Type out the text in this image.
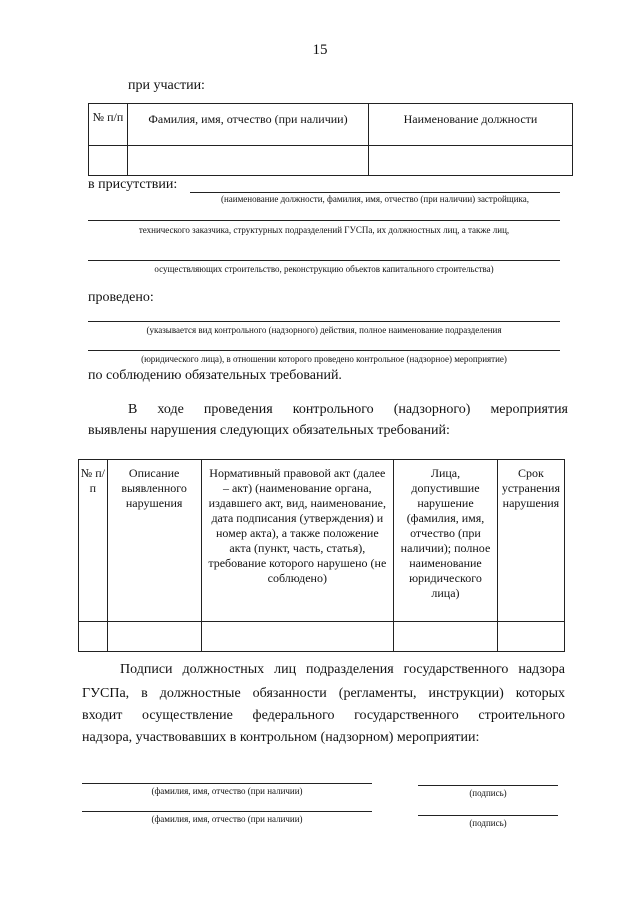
15
при участии:
№ п/п	Фамилия, имя, отчество (при наличии)	Наименование должности

в присутствии:
(наименование должности, фамилия, имя, отчество (при наличии) застройщика,
технического заказчика, структурных подразделений ГУСПа, их должностных лиц, а также лиц,
осуществляющих строительство, реконструкцию объектов капитального строительства)
проведено:
(указывается вид контрольного (надзорного) действия, полное наименование подразделения
(юридического лица), в отношении которого проведено контрольное (надзорное) мероприятие)
по соблюдению обязательных требований.
В ходе проведения контрольного (надзорного) мероприятия
выявлены нарушения следующих обязательных требований:
№ п/п	Описание выявленного нарушения	Нормативный правовой акт (далее – акт) (наименование органа, издавшего акт, вид, наименование, дата подписания (утверждения) и номер акта), а также положение акта (пункт, часть, статья), требование которого нарушено (не соблюдено)	Лица, допустившие нарушение (фамилия, имя, отчество (при наличии); полное наименование юридического лица)	Срок устранения нарушения

Подписи должностных лиц подразделения государственного надзора
ГУСПа, в должностные обязанности (регламенты, инструкции) которых
входит осуществление федерального государственного строительного
надзора, участвовавших в контрольном (надзорном) мероприятии:
(фамилия, имя, отчество (при наличии)	(подпись)
(фамилия, имя, отчество (при наличии)	(подпись)
